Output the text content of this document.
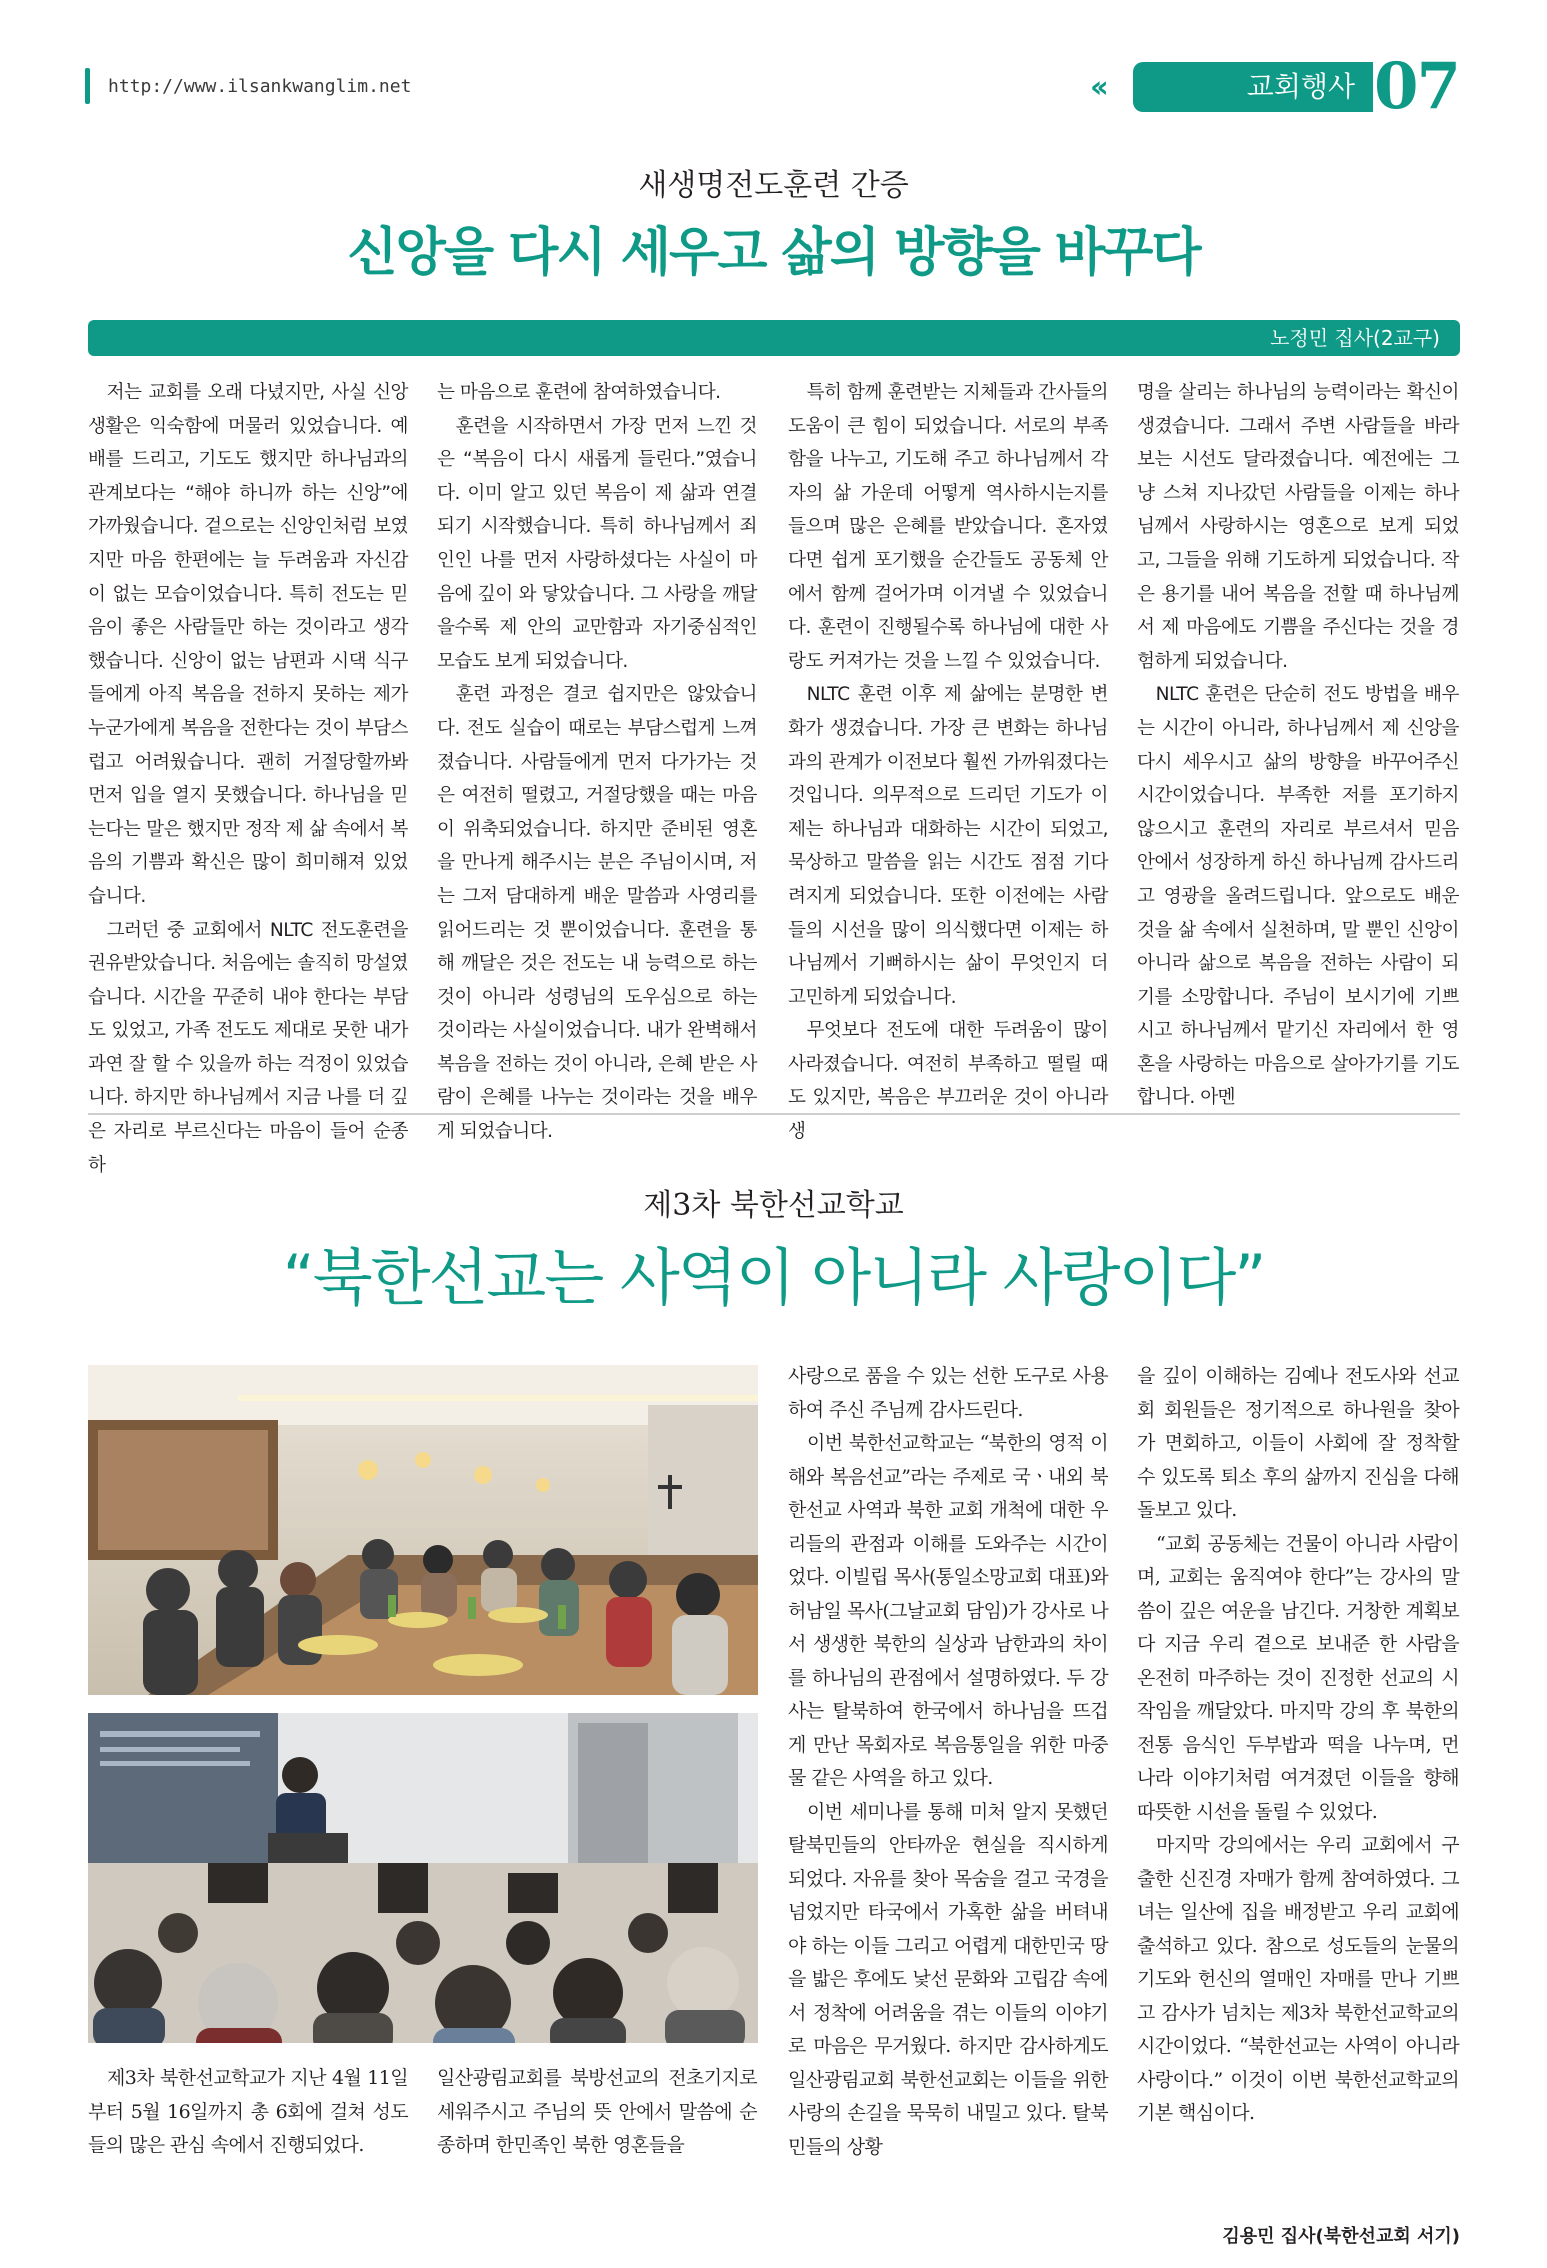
http://www.ilsankwanglim.net	‹‹	교회행사 07
새생명전도훈련 간증
신앙을 다시 세우고 삶의 방향을 바꾸다
노정민 집사(2교구)

저는 교회를 오래 다녔지만, 사실 신앙 생활은 익숙함에 머물러 있었습니다. 예배를 드리고, 기도도 했지만 하나님과의 관계보다는 “해야 하니까 하는 신앙”에 가까웠습니다. 겉으로는 신앙인처럼 보였지만 마음 한편에는 늘 두려움과 자신감이 없는 모습이었습니다. 특히 전도는 믿음이 좋은 사람들만 하는 것이라고 생각했습니다. 신앙이 없는 남편과 시댁 식구들에게 아직 복음을 전하지 못하는 제가 누군가에게 복음을 전한다는 것이 부담스럽고 어려웠습니다. 괜히 거절당할까봐 먼저 입을 열지 못했습니다. 하나님을 믿는다는 말은 했지만 정작 제 삶 속에서 복음의 기쁨과 확신은 많이 희미해져 있었습니다.

그러던 중 교회에서 NLTC 전도훈련을 권유받았습니다. 처음에는 솔직히 망설였습니다. 시간을 꾸준히 내야 한다는 부담도 있었고, 가족 전도도 제대로 못한 내가 과연 잘 할 수 있을까 하는 걱정이 있었습니다. 하지만 하나님께서 지금 나를 더 깊은 자리로 부르신다는 마음이 들어 순종하

는 마음으로 훈련에 참여하였습니다.

훈련을 시작하면서 가장 먼저 느낀 것은 “복음이 다시 새롭게 들린다.”였습니다. 이미 알고 있던 복음이 제 삶과 연결되기 시작했습니다. 특히 하나님께서 죄인인 나를 먼저 사랑하셨다는 사실이 마음에 깊이 와 닿았습니다. 그 사랑을 깨달을수록 제 안의 교만함과 자기중심적인 모습도 보게 되었습니다.

훈련 과정은 결코 쉽지만은 않았습니다. 전도 실습이 때로는 부담스럽게 느껴졌습니다. 사람들에게 먼저 다가가는 것은 여전히 떨렸고, 거절당했을 때는 마음이 위축되었습니다. 하지만 준비된 영혼을 만나게 해주시는 분은 주님이시며, 저는 그저 담대하게 배운 말씀과 사영리를 읽어드리는 것 뿐이었습니다. 훈련을 통해 깨달은 것은 전도는 내 능력으로 하는 것이 아니라 성령님의 도우심으로 하는 것이라는 사실이었습니다. 내가 완벽해서 복음을 전하는 것이 아니라, 은혜 받은 사람이 은혜를 나누는 것이라는 것을 배우게 되었습니다.

특히 함께 훈련받는 지체들과 간사들의 도움이 큰 힘이 되었습니다. 서로의 부족함을 나누고, 기도해 주고 하나님께서 각자의 삶 가운데 어떻게 역사하시는지를 들으며 많은 은혜를 받았습니다. 혼자였다면 쉽게 포기했을 순간들도 공동체 안에서 함께 걸어가며 이겨낼 수 있었습니다. 훈련이 진행될수록 하나님에 대한 사랑도 커져가는 것을 느낄 수 있었습니다.

NLTC 훈련 이후 제 삶에는 분명한 변화가 생겼습니다. 가장 큰 변화는 하나님과의 관계가 이전보다 훨씬 가까워졌다는 것입니다. 의무적으로 드리던 기도가 이제는 하나님과 대화하는 시간이 되었고, 묵상하고 말씀을 읽는 시간도 점점 기다려지게 되었습니다. 또한 이전에는 사람들의 시선을 많이 의식했다면 이제는 하나님께서 기뻐하시는 삶이 무엇인지 더 고민하게 되었습니다.

무엇보다 전도에 대한 두려움이 많이 사라졌습니다. 여전히 부족하고 떨릴 때도 있지만, 복음은 부끄러운 것이 아니라 생

명을 살리는 하나님의 능력이라는 확신이 생겼습니다. 그래서 주변 사람들을 바라보는 시선도 달라졌습니다. 예전에는 그냥 스쳐 지나갔던 사람들을 이제는 하나님께서 사랑하시는 영혼으로 보게 되었고, 그들을 위해 기도하게 되었습니다. 작은 용기를 내어 복음을 전할 때 하나님께서 제 마음에도 기쁨을 주신다는 것을 경험하게 되었습니다.

NLTC 훈련은 단순히 전도 방법을 배우는 시간이 아니라, 하나님께서 제 신앙을 다시 세우시고 삶의 방향을 바꾸어주신 시간이었습니다. 부족한 저를 포기하지 않으시고 훈련의 자리로 부르셔서 믿음 안에서 성장하게 하신 하나님께 감사드리고 영광을 올려드립니다. 앞으로도 배운 것을 삶 속에서 실천하며, 말 뿐인 신앙이 아니라 삶으로 복음을 전하는 사람이 되기를 소망합니다. 주님이 보시기에 기쁘시고 하나님께서 맡기신 자리에서 한 영혼을 사랑하는 마음으로 살아가기를 기도합니다. 아멘

제3차 북한선교학교
“북한선교는 사역이 아니라 사랑이다”

제3차 북한선교학교가 지난 4월 11일부터 5월 16일까지 총 6회에 걸쳐 성도들의 많은 관심 속에서 진행되었다.

일산광림교회를 북방선교의 전초기지로 세워주시고 주님의 뜻 안에서 말씀에 순종하며 한민족인 북한 영혼들을

사랑으로 품을 수 있는 선한 도구로 사용하여 주신 주님께 감사드린다.

이번 북한선교학교는 “북한의 영적 이해와 복음선교”라는 주제로 국ㆍ내외 북한선교 사역과 북한 교회 개척에 대한 우리들의 관점과 이해를 도와주는 시간이었다. 이빌립 목사(통일소망교회 대표)와 허남일 목사(그날교회 담임)가 강사로 나서 생생한 북한의 실상과 남한과의 차이를 하나님의 관점에서 설명하였다. 두 강사는 탈북하여 한국에서 하나님을 뜨겁게 만난 목회자로 복음통일을 위한 마중물 같은 사역을 하고 있다.

이번 세미나를 통해 미처 알지 못했던 탈북민들의 안타까운 현실을 직시하게 되었다. 자유를 찾아 목숨을 걸고 국경을 넘었지만 타국에서 가혹한 삶을 버텨내야 하는 이들 그리고 어렵게 대한민국 땅을 밟은 후에도 낯선 문화와 고립감 속에서 정착에 어려움을 겪는 이들의 이야기로 마음은 무거웠다. 하지만 감사하게도 일산광림교회 북한선교회는 이들을 위한 사랑의 손길을 묵묵히 내밀고 있다. 탈북민들의 상황

을 깊이 이해하는 김예나 전도사와 선교회 회원들은 정기적으로 하나원을 찾아가 면회하고, 이들이 사회에 잘 정착할 수 있도록 퇴소 후의 삶까지 진심을 다해 돌보고 있다.

“교회 공동체는 건물이 아니라 사람이며, 교회는 움직여야 한다”는 강사의 말씀이 깊은 여운을 남긴다. 거창한 계획보다 지금 우리 곁으로 보내준 한 사람을 온전히 마주하는 것이 진정한 선교의 시작임을 깨달았다. 마지막 강의 후 북한의 전통 음식인 두부밥과 떡을 나누며, 먼 나라 이야기처럼 여겨졌던 이들을 향해 따뜻한 시선을 돌릴 수 있었다.

마지막 강의에서는 우리 교회에서 구출한 신진경 자매가 함께 참여하였다. 그녀는 일산에 집을 배정받고 우리 교회에 출석하고 있다. 참으로 성도들의 눈물의 기도와 헌신의 열매인 자매를 만나 기쁘고 감사가 넘치는 제3차 북한선교학교의 시간이었다. “북한선교는 사역이 아니라 사랑이다.” 이것이 이번 북한선교학교의 기본 핵심이다.

김용민 집사(북한선교회 서기)
